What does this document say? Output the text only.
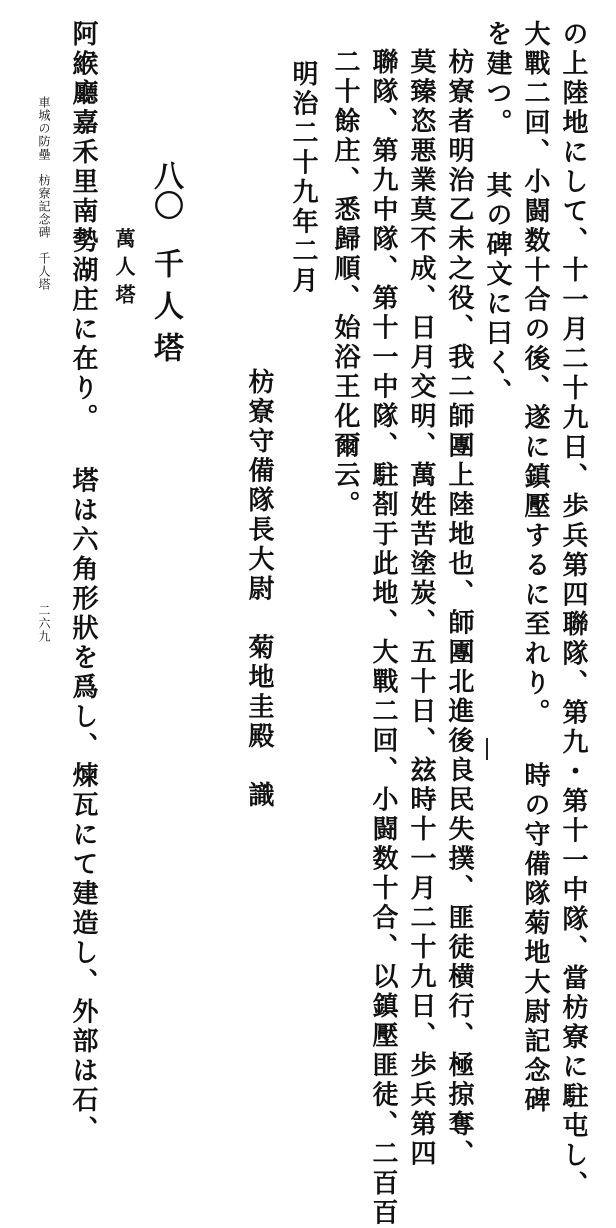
の上陸地にして、十一月二十九日、歩兵第四聯隊、第九・第十一中隊、當枋寮に駐屯し、
大戰二回、小闘数十合の後、遂に鎮壓するに至れり。 時の守備隊菊地大尉記念碑
を建つ。 其の碑文に曰く、
枋寮者明治乙未之役、我二師團上陸地也、師團北進後良民失撲、匪徒横行、極掠奪、
莫臻恣悪業莫不成、日月交明、萬姓苦塗炭、五十日、玆時十一月二十九日、歩兵第四
聯隊、第九中隊、第十一中隊、駐剳于此地、大戰二回、小闘数十合、以鎮壓匪徒、二百百
二十餘庄、悉歸順、始浴王化爾云。
明治二十九年二月
枋寮守備隊長大尉　菊地圭殿　識
八〇
千人塔
萬人塔
阿緱廳嘉禾里南勢湖庄に在り。 塔は六角形狀を爲し、煉瓦にて建造し、外部は石、
車城の防壘　枋寮記念碑　千人塔
二六九
